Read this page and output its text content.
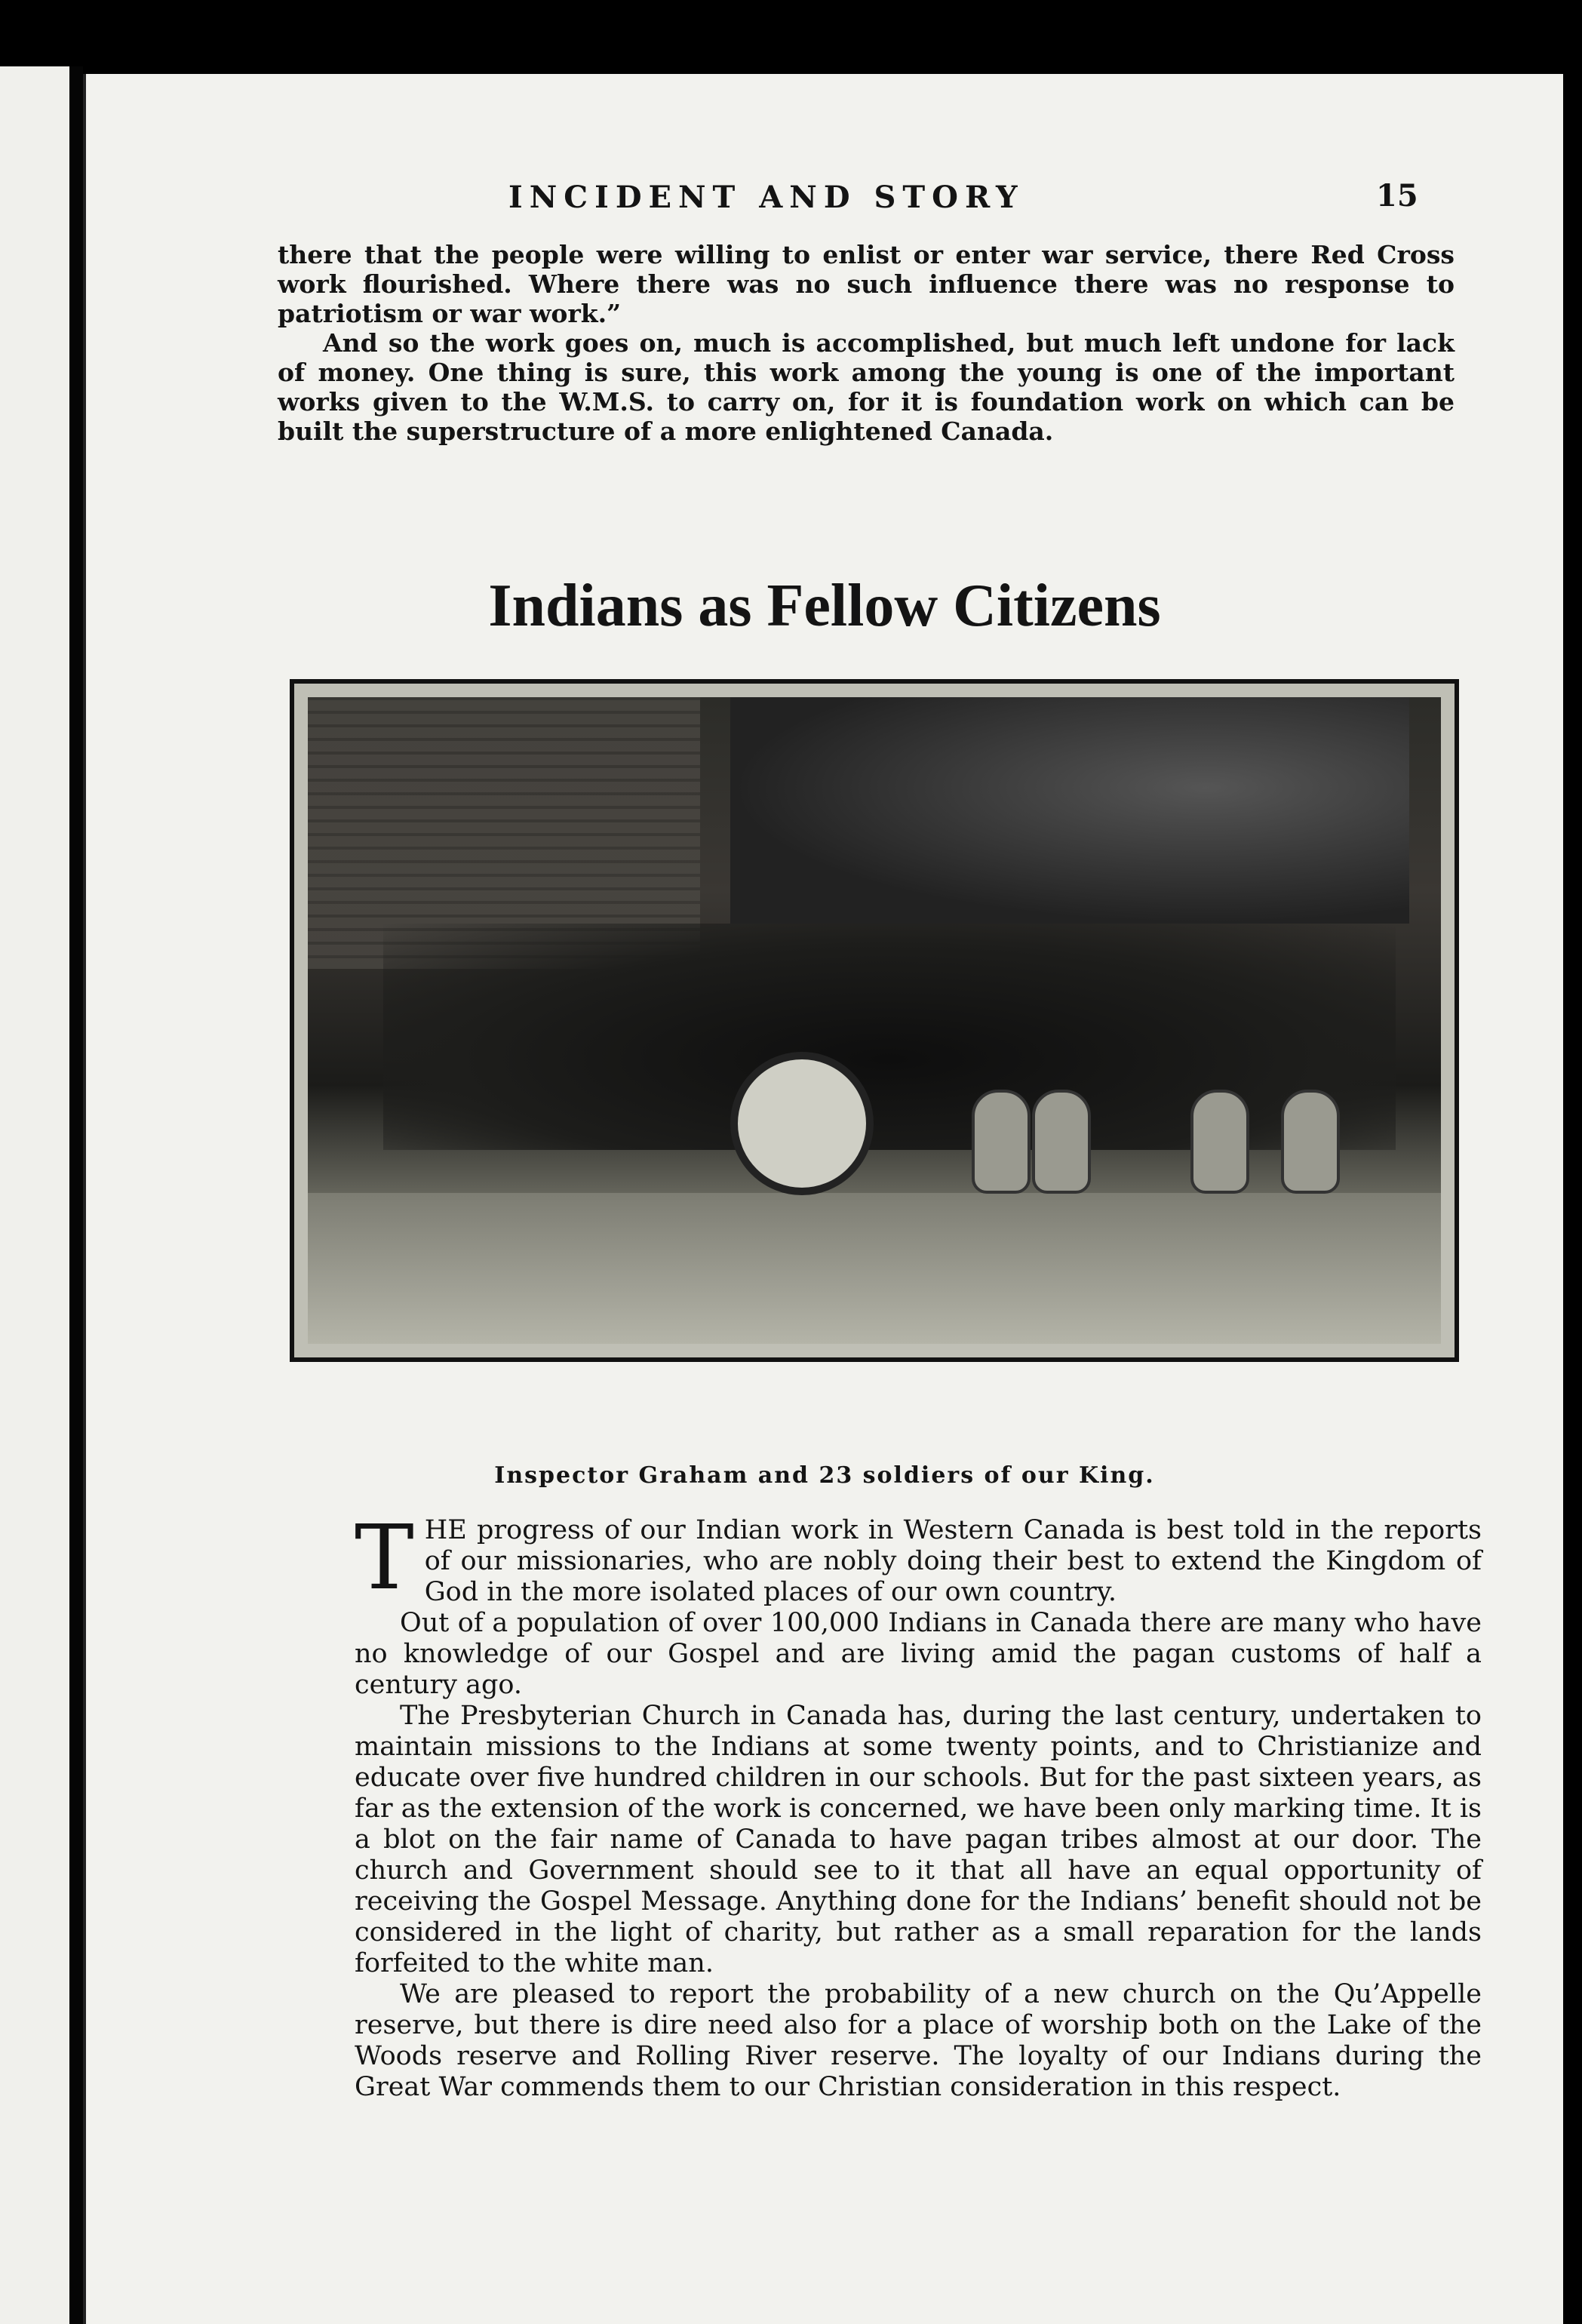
INCIDENT AND STORY	15

there that the people were willing to enlist or enter war service, there Red Cross work flourished. Where there was no such influence there was no response to patriotism or war work.”

And so the work goes on, much is accomplished, but much left undone for lack of money. One thing is sure, this work among the young is one of the important works given to the W.M.S. to carry on, for it is foundation work on which can be built the superstructure of a more enlightened Canada.

Indians as Fellow Citizens
Inspector Graham and 23 soldiers of our King.

THE progress of our Indian work in Western Canada is best told in the reports of our missionaries, who are nobly doing their best to extend the Kingdom of God in the more isolated places of our own country.

Out of a population of over 100,000 Indians in Canada there are many who have no knowledge of our Gospel and are living amid the pagan customs of half a century ago.

The Presbyterian Church in Canada has, during the last century, undertaken to maintain missions to the Indians at some twenty points, and to Christianize and educate over five hundred children in our schools. But for the past sixteen years, as far as the extension of the work is concerned, we have been only marking time. It is a blot on the fair name of Canada to have pagan tribes almost at our door. The church and Government should see to it that all have an equal opportunity of receiving the Gospel Message. Anything done for the Indians’ benefit should not be considered in the light of charity, but rather as a small reparation for the lands forfeited to the white man.

We are pleased to report the probability of a new church on the Qu’Appelle reserve, but there is dire need also for a place of worship both on the Lake of the Woods reserve and Rolling River reserve. The loyalty of our Indians during the Great War commends them to our Christian consideration in this respect.
